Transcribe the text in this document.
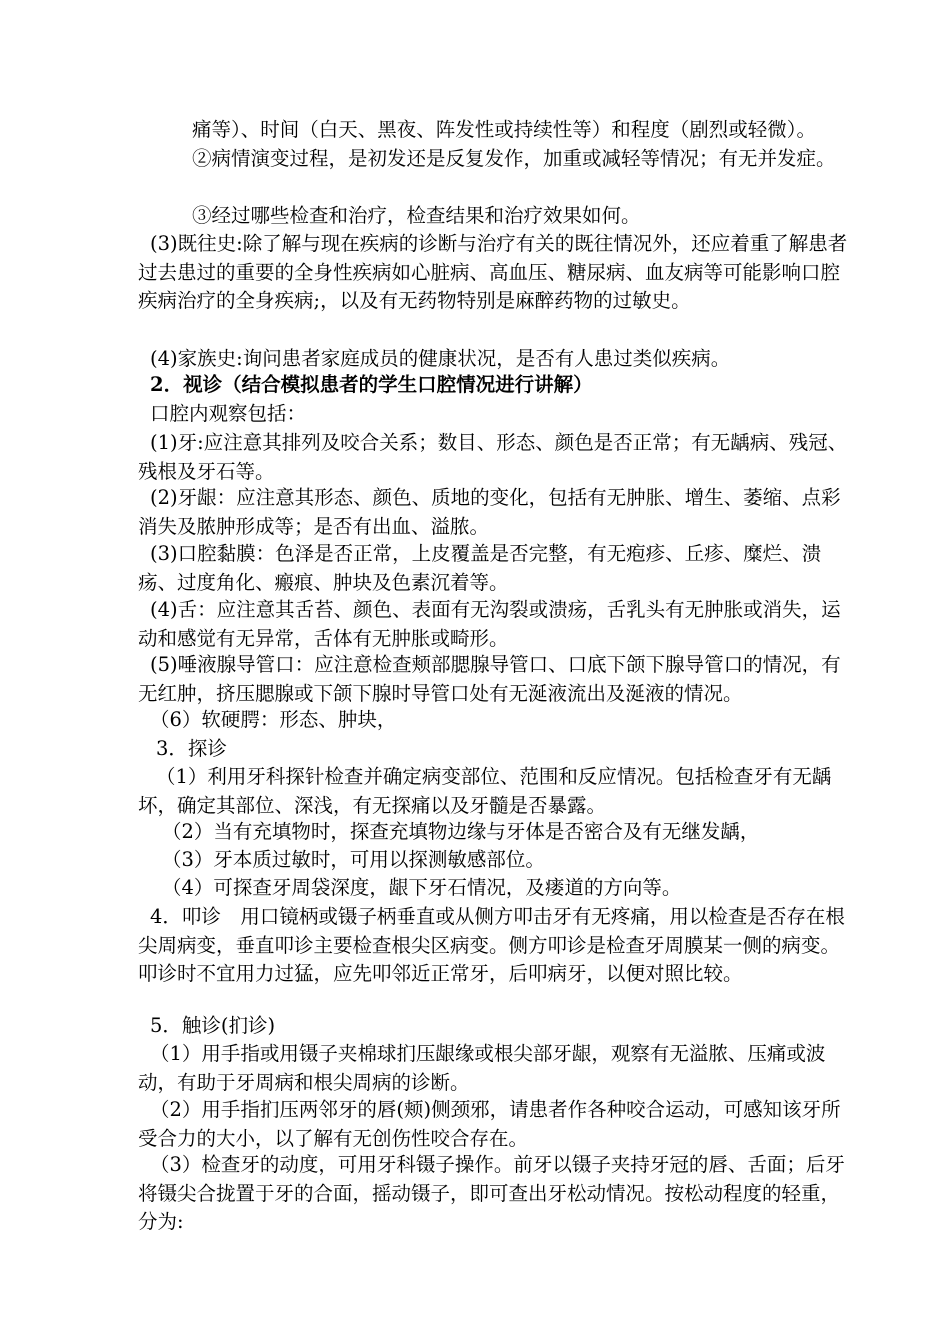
痛等）、时间（白天、黑夜、阵发性或持续性等）和程度（剧烈或轻微）。

②病情演变过程，是初发还是反复发作，加重或减轻等情况；有无并发症。

③经过哪些检查和治疗，检查结果和治疗效果如何。

(3)既往史:除了解与现在疾病的诊断与治疗有关的既往情况外，还应着重了解患者过去患过的重要的全身性疾病如心脏病、高血压、糖尿病、血友病等可能影响口腔疾病治疗的全身疾病;，以及有无药物特别是麻醉药物的过敏史。

(4)家族史:询问患者家庭成员的健康状况，是否有人患过类似疾病。

2．视诊（结合模拟患者的学生口腔情况进行讲解）

口腔内观察包括：

(1)牙:应注意其排列及咬合关系；数目、形态、颜色是否正常；有无龋病、残冠、残根及牙石等。

(2)牙龈：应注意其形态、颜色、质地的变化，包括有无肿胀、增生、萎缩、点彩消失及脓肿形成等；是否有出血、溢脓。

(3)口腔黏膜：色泽是否正常，上皮覆盖是否完整，有无疱疹、丘疹、糜烂、溃疡、过度角化、瘢痕、肿块及色素沉着等。

(4)舌：应注意其舌苔、颜色、表面有无沟裂或溃疡，舌乳头有无肿胀或消失，运动和感觉有无异常，舌体有无肿胀或畸形。

(5)唾液腺导管口：应注意检查颊部腮腺导管口、口底下颌下腺导管口的情况，有无红肿，挤压腮腺或下颌下腺时导管口处有无涎液流出及涎液的情况。

（6）软硬腭：形态、肿块，

3．探诊

（1）利用牙科探针检查并确定病变部位、范围和反应情况。包括检查牙有无龋坏，确定其部位、深浅，有无探痛以及牙髓是否暴露。

（2）当有充填物时，探查充填物边缘与牙体是否密合及有无继发龋，

（3）牙本质过敏时，可用以探测敏感部位。

（4）可探查牙周袋深度，龈下牙石情况，及瘘道的方向等。

4．叩诊　用口镜柄或镊子柄垂直或从侧方叩击牙有无疼痛，用以检查是否存在根尖周病变，垂直叩诊主要检查根尖区病变。侧方叩诊是检查牙周膜某一侧的病变。叩诊时不宜用力过猛，应先叩邻近正常牙，后叩病牙，以便对照比较。

5．触诊(扪诊)

（1）用手指或用镊子夹棉球扪压龈缘或根尖部牙龈，观察有无溢脓、压痛或波动，有助于牙周病和根尖周病的诊断。

（2）用手指扪压两邻牙的唇(颊)侧颈邪，请患者作各种咬合运动，可感知该牙所受合力的大小，以了解有无创伤性咬合存在。

（3）检查牙的动度，可用牙科镊子操作。前牙以镊子夹持牙冠的唇、舌面；后牙将镊尖合拢置于牙的合面，摇动镊子，即可查出牙松动情况。按松动程度的轻重，分为:
